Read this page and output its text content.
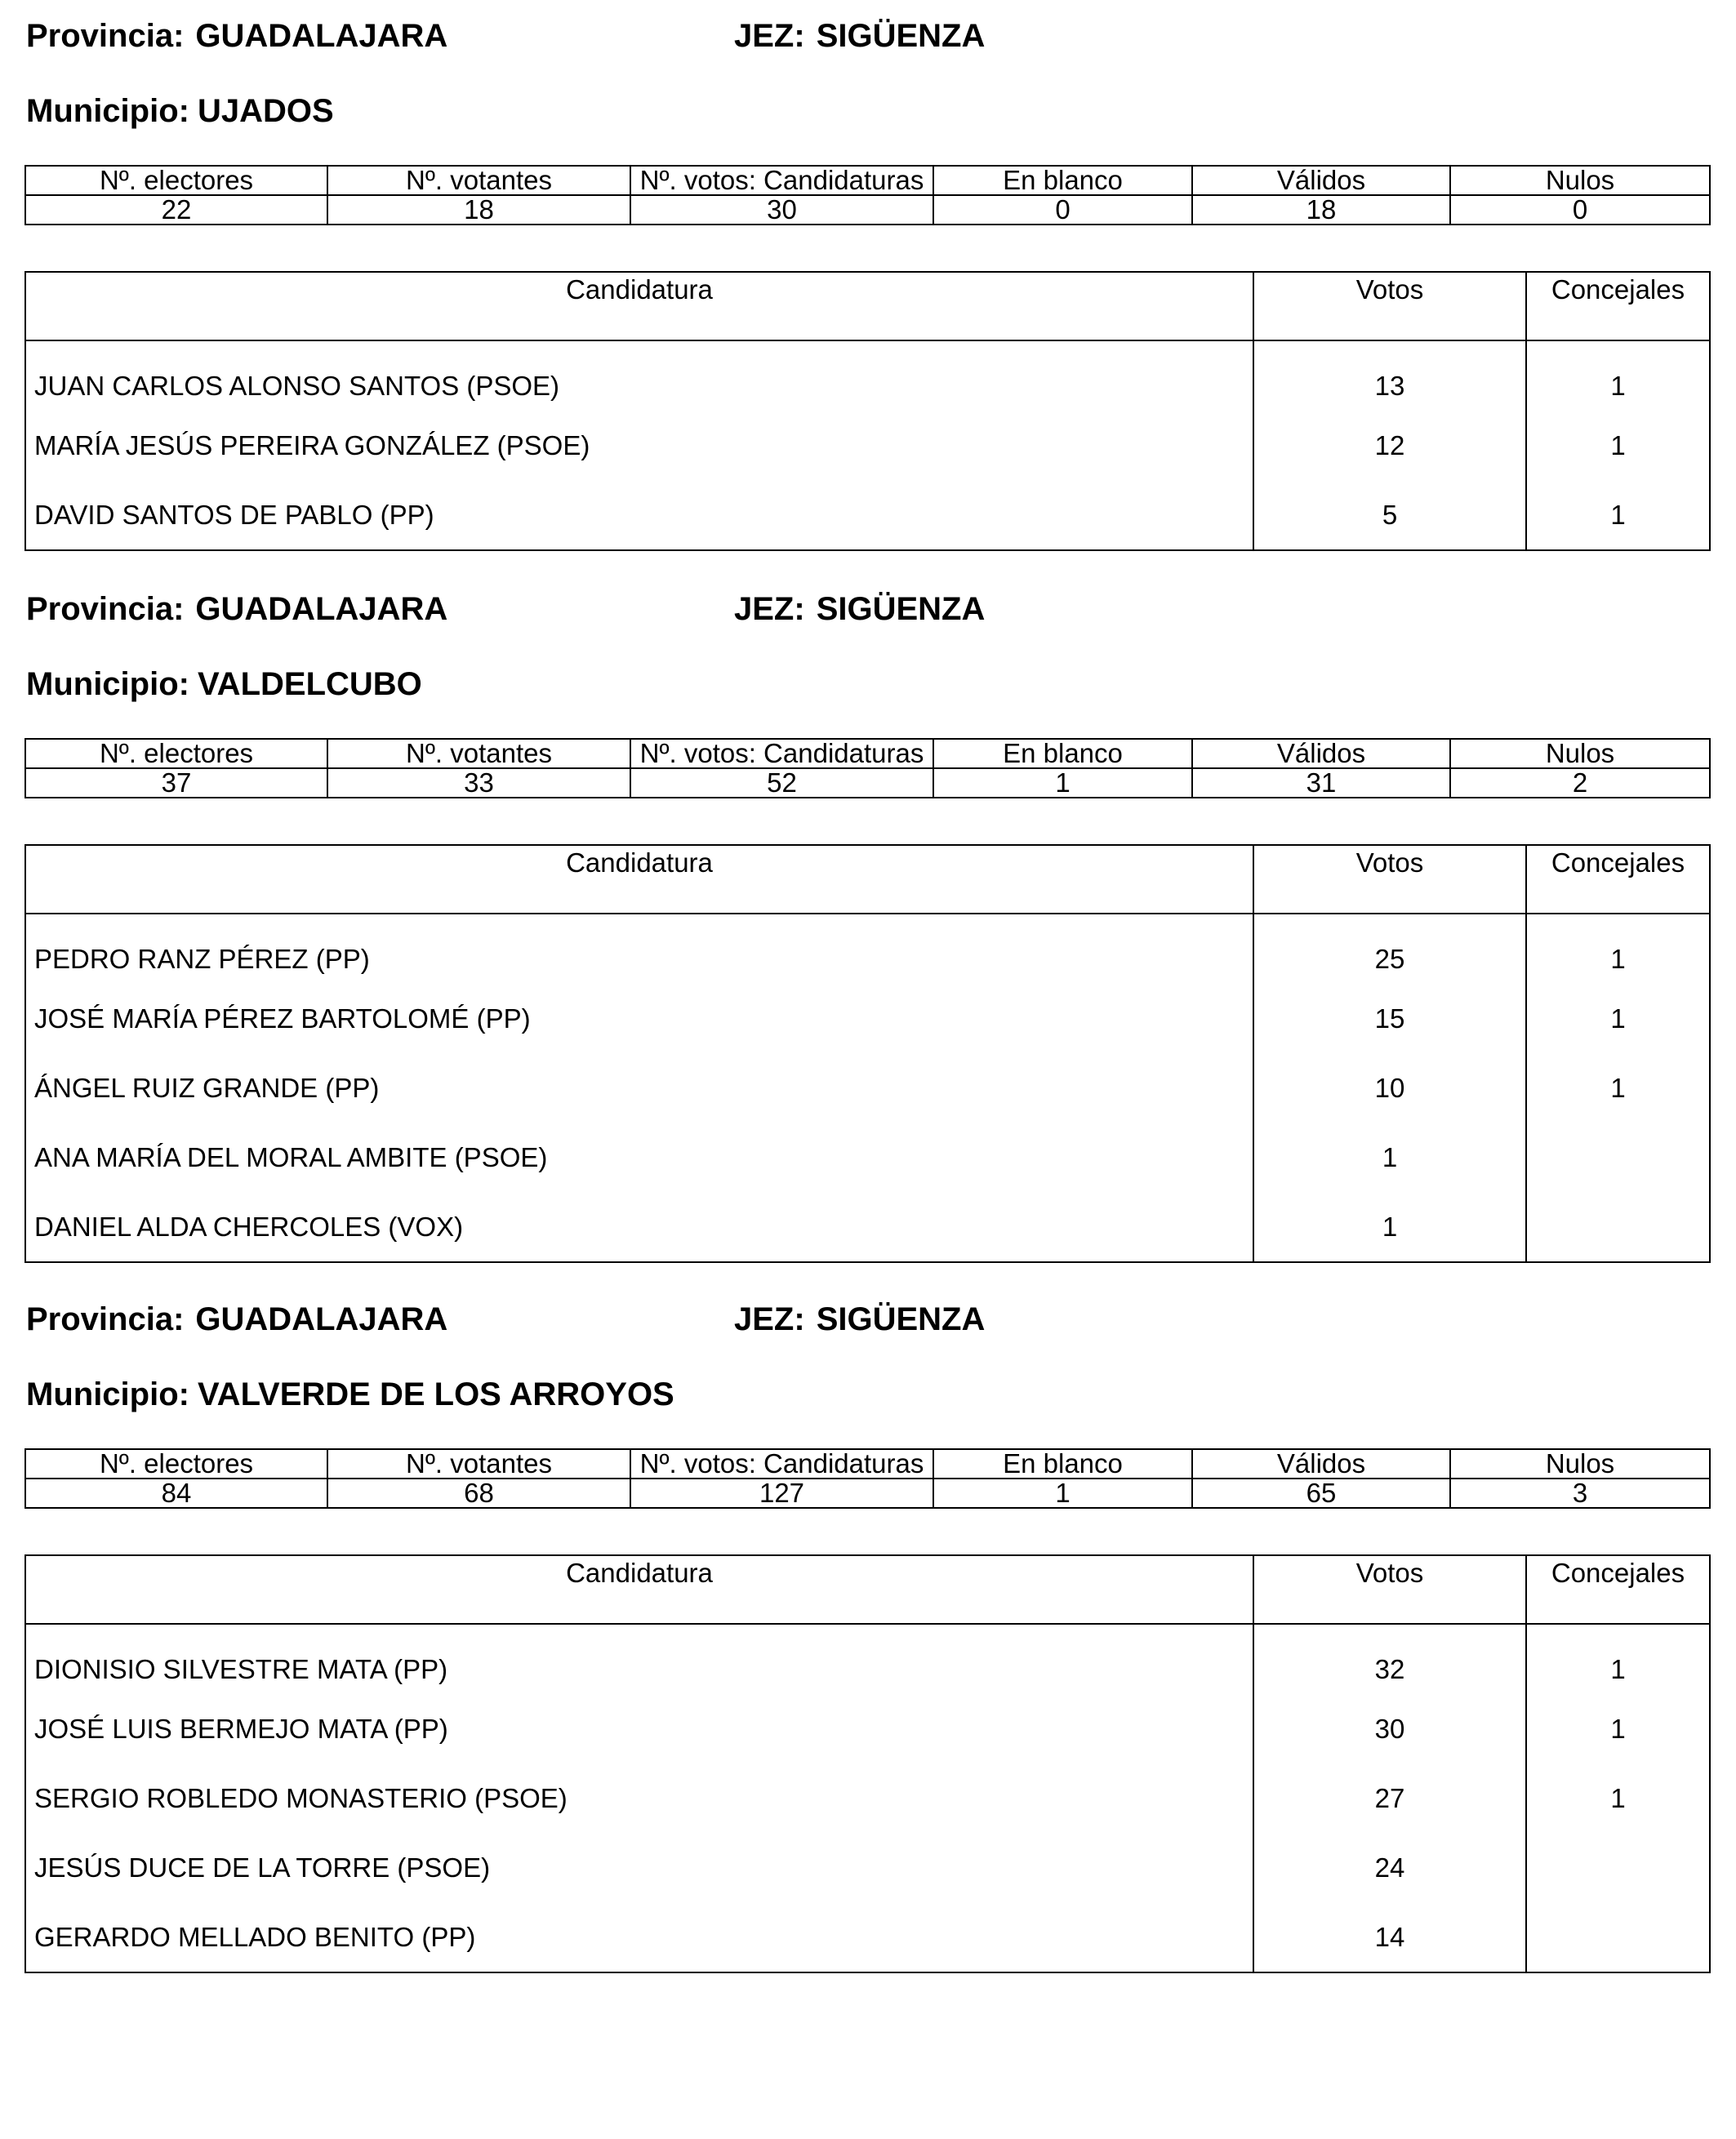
Provincia: GUADALAJARA	JEZ: SIGÜENZA
Municipio: UJADOS
Nº. electores	Nº. votantes	Nº. votos: Candidaturas	En blanco	Válidos	Nulos
22	18	30	0	18	0
Candidatura	Votos	Concejales
JUAN CARLOS ALONSO SANTOS (PSOE)	13	1
MARÍA JESÚS PEREIRA GONZÁLEZ (PSOE)	12	1
DAVID SANTOS DE PABLO (PP)	5	1
Provincia: GUADALAJARA	JEZ: SIGÜENZA
Municipio: VALDELCUBO
Nº. electores	Nº. votantes	Nº. votos: Candidaturas	En blanco	Válidos	Nulos
37	33	52	1	31	2
Candidatura	Votos	Concejales
PEDRO RANZ PÉREZ (PP)	25	1
JOSÉ MARÍA PÉREZ BARTOLOMÉ (PP)	15	1
ÁNGEL RUIZ GRANDE (PP)	10	1
ANA MARÍA DEL MORAL AMBITE (PSOE)	1	
DANIEL ALDA CHERCOLES (VOX)	1	
Provincia: GUADALAJARA	JEZ: SIGÜENZA
Municipio: VALVERDE DE LOS ARROYOS
Nº. electores	Nº. votantes	Nº. votos: Candidaturas	En blanco	Válidos	Nulos
84	68	127	1	65	3
Candidatura	Votos	Concejales
DIONISIO SILVESTRE MATA (PP)	32	1
JOSÉ LUIS BERMEJO MATA (PP)	30	1
SERGIO ROBLEDO MONASTERIO (PSOE)	27	1
JESÚS DUCE DE LA TORRE (PSOE)	24	
GERARDO MELLADO BENITO (PP)	14	
